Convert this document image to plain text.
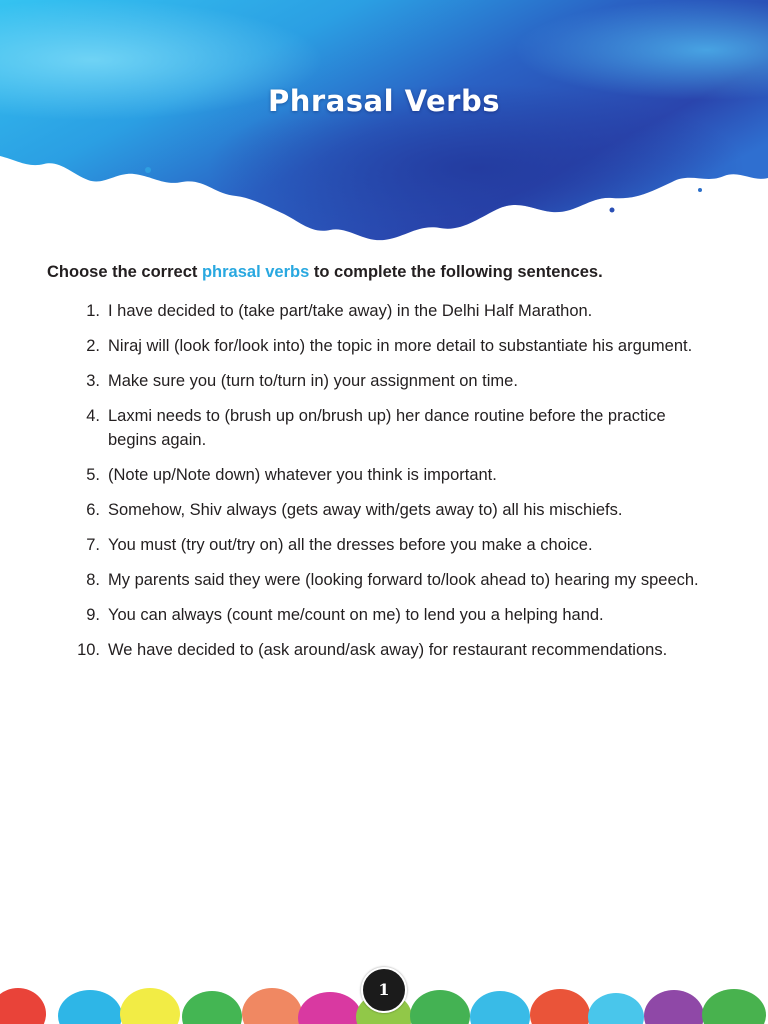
Phrasal Verbs
Choose the correct phrasal verbs to complete the following sentences.
1. I have decided to (take part/take away) in the Delhi Half Marathon.
2. Niraj will (look for/look into) the topic in more detail to substantiate his argument.
3. Make sure you (turn to/turn in) your assignment on time.
4. Laxmi needs to (brush up on/brush up) her dance routine before the practice begins again.
5. (Note up/Note down) whatever you think is important.
6. Somehow, Shiv always (gets away with/gets away to) all his mischiefs.
7. You must (try out/try on) all the dresses before you make a choice.
8. My parents said they were (looking forward to/look ahead to) hearing my speech.
9. You can always (count me/count on me) to lend you a helping hand.
10. We have decided to (ask around/ask away) for restaurant recommendations.
1
